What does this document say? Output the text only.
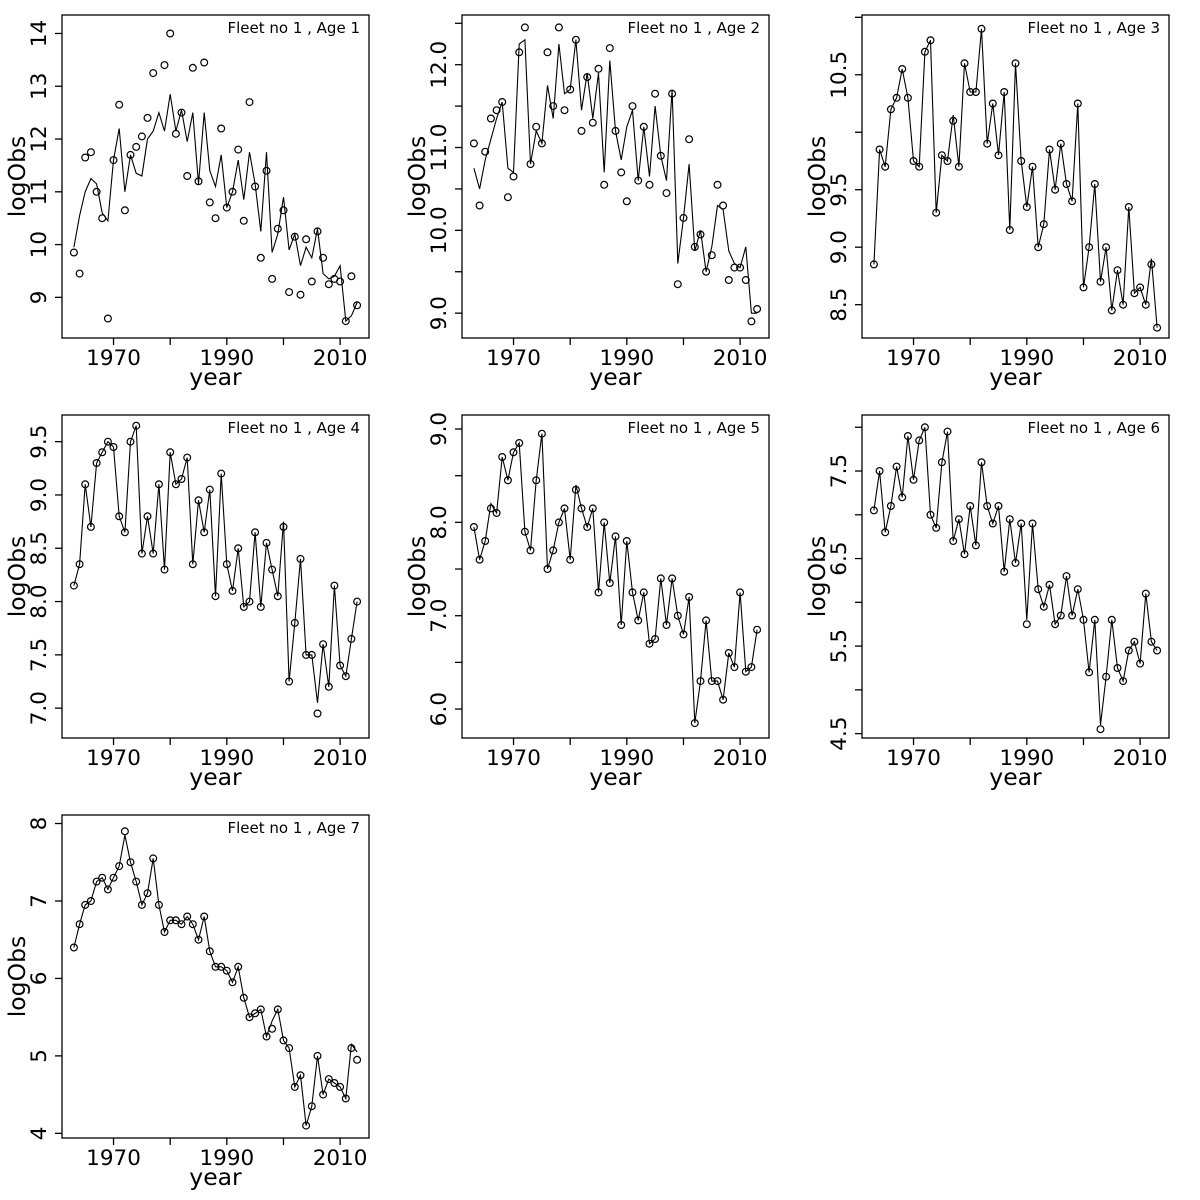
1970	1990	2010
9
10
11
12
13
14
year
logObs
Fleet no 1 , Age 1
1970	1990	2010
9.0
10.0
11.0
12.0
year
logObs
Fleet no 1 , Age 2
1970	1990	2010
8.5
9.0
9.5
10.5
year
logObs
Fleet no 1 , Age 3
1970	1990	2010
7.0
7.5
8.0
8.5
9.0
9.5
year
logObs
Fleet no 1 , Age 4
1970	1990	2010
6.0
7.0
8.0
9.0
year
logObs
Fleet no 1 , Age 5
1970	1990	2010
4.5
5.5
6.5
7.5
year
logObs
Fleet no 1 , Age 6
1970	1990	2010
4
5
6
7
8
year
logObs
Fleet no 1 , Age 7
